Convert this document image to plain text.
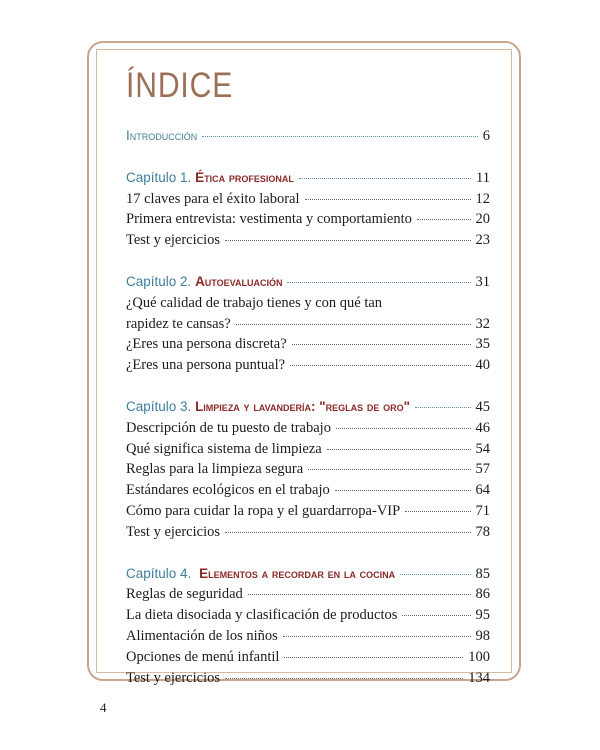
ÍNDICE
Introducción	6
Capítulo 1. Ética profesional	11
17 claves para el éxito laboral	12
Primera entrevista: vestimenta y comportamiento	20
Test y ejercicios	23
Capítulo 2. Autoevaluación	31
¿Qué calidad de trabajo tienes y con qué tan
rapidez te cansas?	32
¿Eres una persona discreta?	35
¿Eres una persona puntual?	40
Capítulo 3. Limpieza y lavandería: "reglas de oro"	45
Descripción de tu puesto de trabajo	46
Qué significa sistema de limpieza	54
Reglas para la limpieza segura	57
Estándares ecológicos en el trabajo	64
Cómo para cuidar la ropa y el guardarropa-VIP	71
Test y ejercicios	78
Capítulo 4. Elementos a recordar en la cocina	85
Reglas de seguridad	86
La dieta disociada y clasificación de productos	95
Alimentación de los niños	98
Opciones de menú infantil	100
Test y ejercicios	134
4
